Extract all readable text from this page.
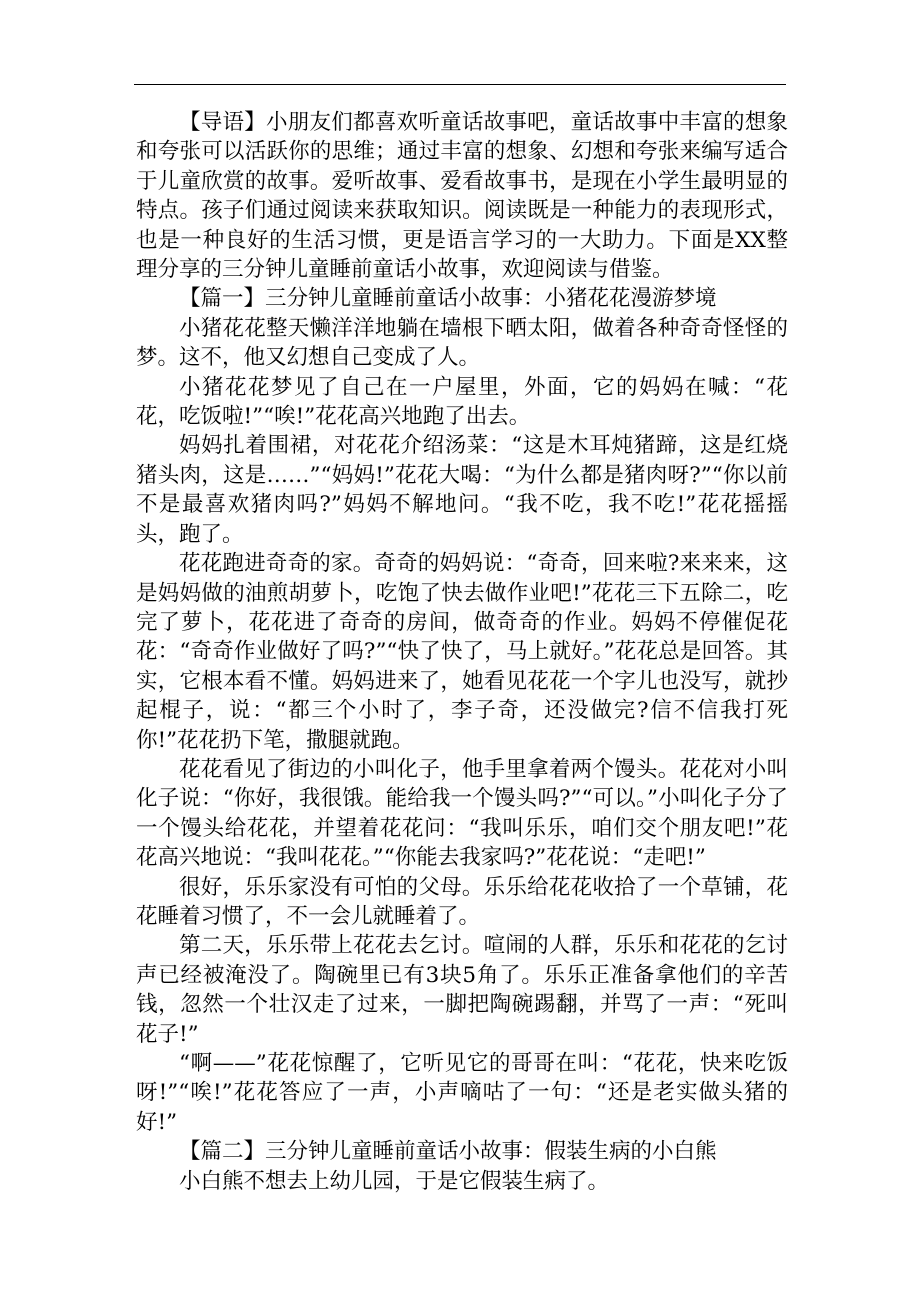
【导语】小朋友们都喜欢听童话故事吧，童话故事中丰富的想象和夸张可以活跃你的思维；通过丰富的想象、幻想和夸张来编写适合于儿童欣赏的故事。爱听故事、爱看故事书，是现在小学生最明显的特点。孩子们通过阅读来获取知识。阅读既是一种能力的表现形式，也是一种良好的生活习惯，更是语言学习的一大助力。下面是XX整理分享的三分钟儿童睡前童话小故事，欢迎阅读与借鉴。

【篇一】三分钟儿童睡前童话小故事：小猪花花漫游梦境

小猪花花整天懒洋洋地躺在墙根下晒太阳，做着各种奇奇怪怪的梦。这不，他又幻想自己变成了人。

小猪花花梦见了自己在一户屋里，外面，它的妈妈在喊：“花花，吃饭啦!”“唉!”花花高兴地跑了出去。

妈妈扎着围裙，对花花介绍汤菜：“这是木耳炖猪蹄，这是红烧猪头肉，这是……”“妈妈!”花花大喝：“为什么都是猪肉呀?”“你以前不是最喜欢猪肉吗?”妈妈不解地问。“我不吃，我不吃!”花花摇摇头，跑了。

花花跑进奇奇的家。奇奇的妈妈说：“奇奇，回来啦?来来来，这是妈妈做的油煎胡萝卜，吃饱了快去做作业吧!”花花三下五除二，吃完了萝卜，花花进了奇奇的房间，做奇奇的作业。妈妈不停催促花花：“奇奇作业做好了吗?”“快了快了，马上就好。”花花总是回答。其实，它根本看不懂。妈妈进来了，她看见花花一个字儿也没写，就抄起棍子，说：“都三个小时了，李子奇，还没做完?信不信我打死你!”花花扔下笔，撒腿就跑。

花花看见了街边的小叫化子，他手里拿着两个馒头。花花对小叫化子说：“你好，我很饿。能给我一个馒头吗?”“可以。”小叫化子分了一个馒头给花花，并望着花花问：“我叫乐乐，咱们交个朋友吧!”花花高兴地说：“我叫花花。”“你能去我家吗?”花花说：“走吧!”

很好，乐乐家没有可怕的父母。乐乐给花花收拾了一个草铺，花花睡着习惯了，不一会儿就睡着了。

第二天，乐乐带上花花去乞讨。喧闹的人群，乐乐和花花的乞讨声已经被淹没了。陶碗里已有3块5角了。乐乐正准备拿他们的辛苦钱，忽然一个壮汉走了过来，一脚把陶碗踢翻，并骂了一声：“死叫花子!”

“啊——”花花惊醒了，它听见它的哥哥在叫：“花花，快来吃饭呀!”“唉!”花花答应了一声，小声嘀咕了一句：“还是老实做头猪的好!”

【篇二】三分钟儿童睡前童话小故事：假装生病的小白熊

小白熊不想去上幼儿园，于是它假装生病了。
